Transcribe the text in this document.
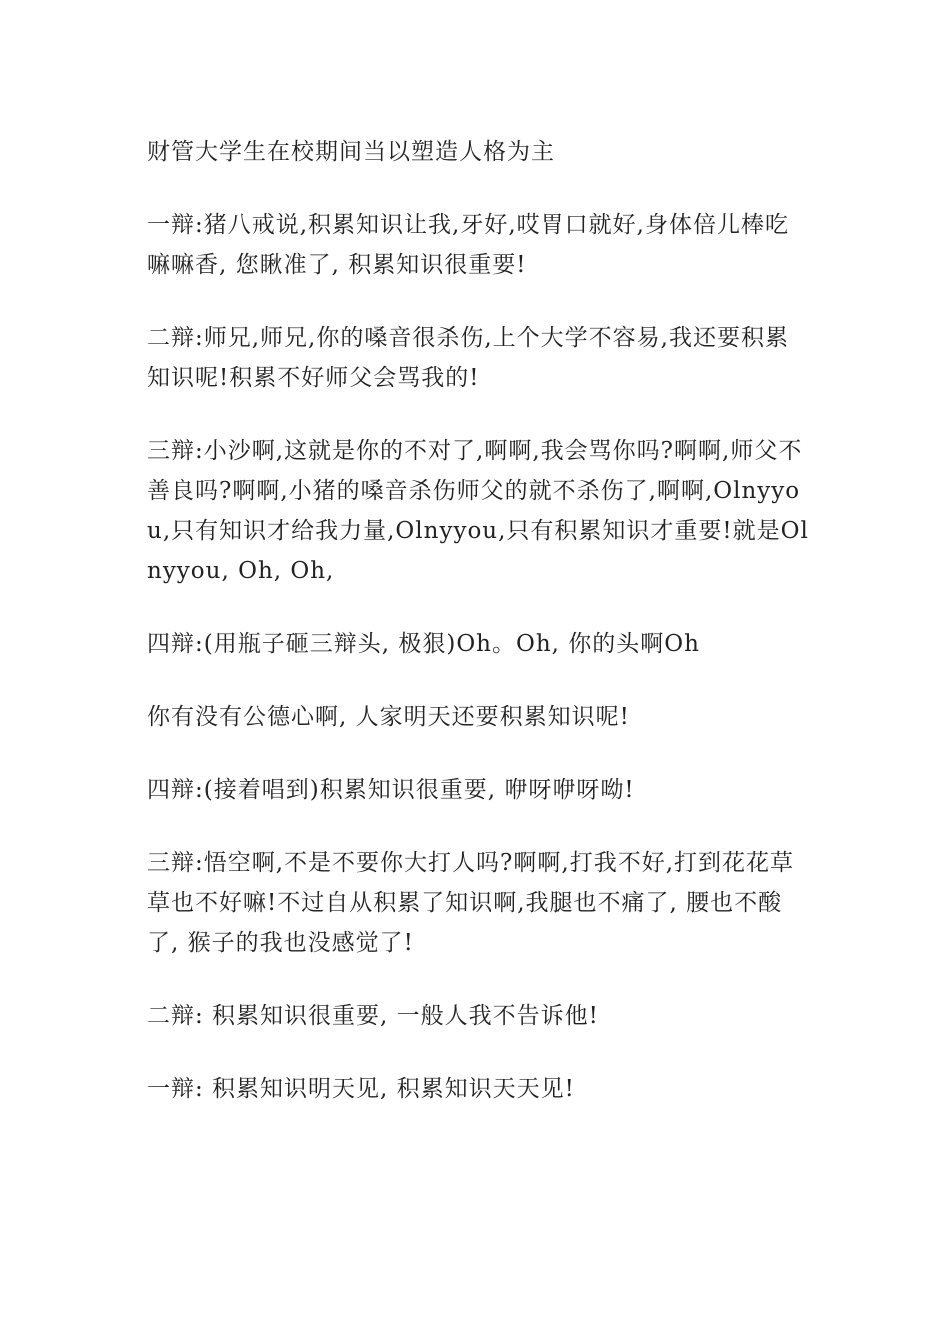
财管大学生在校期间当以塑造人格为主

一辩:猪八戒说,积累知识让我,牙好,哎胃口就好,身体倍儿棒吃嘛嘛香, 您瞅准了, 积累知识很重要!

二辩:师兄,师兄,你的嗓音很杀伤,上个大学不容易,我还要积累知识呢!积累不好师父会骂我的!

三辩:小沙啊,这就是你的不对了,啊啊,我会骂你吗?啊啊,师父不善良吗?啊啊,小猪的嗓音杀伤师父的就不杀伤了,啊啊,Olnyyou,只有知识才给我力量,Olnyyou,只有积累知识才重要!就是Olnyyou, Oh, Oh,

四辩:(用瓶子砸三辩头, 极狠)Oh。Oh, 你的头啊Oh

你有没有公德心啊, 人家明天还要积累知识呢!

四辩:(接着唱到)积累知识很重要, 咿呀咿呀呦!

三辩:悟空啊,不是不要你大打人吗?啊啊,打我不好,打到花花草草也不好嘛!不过自从积累了知识啊,我腿也不痛了, 腰也不酸了, 猴子的我也没感觉了!

二辩: 积累知识很重要, 一般人我不告诉他!

一辩: 积累知识明天见, 积累知识天天见!
